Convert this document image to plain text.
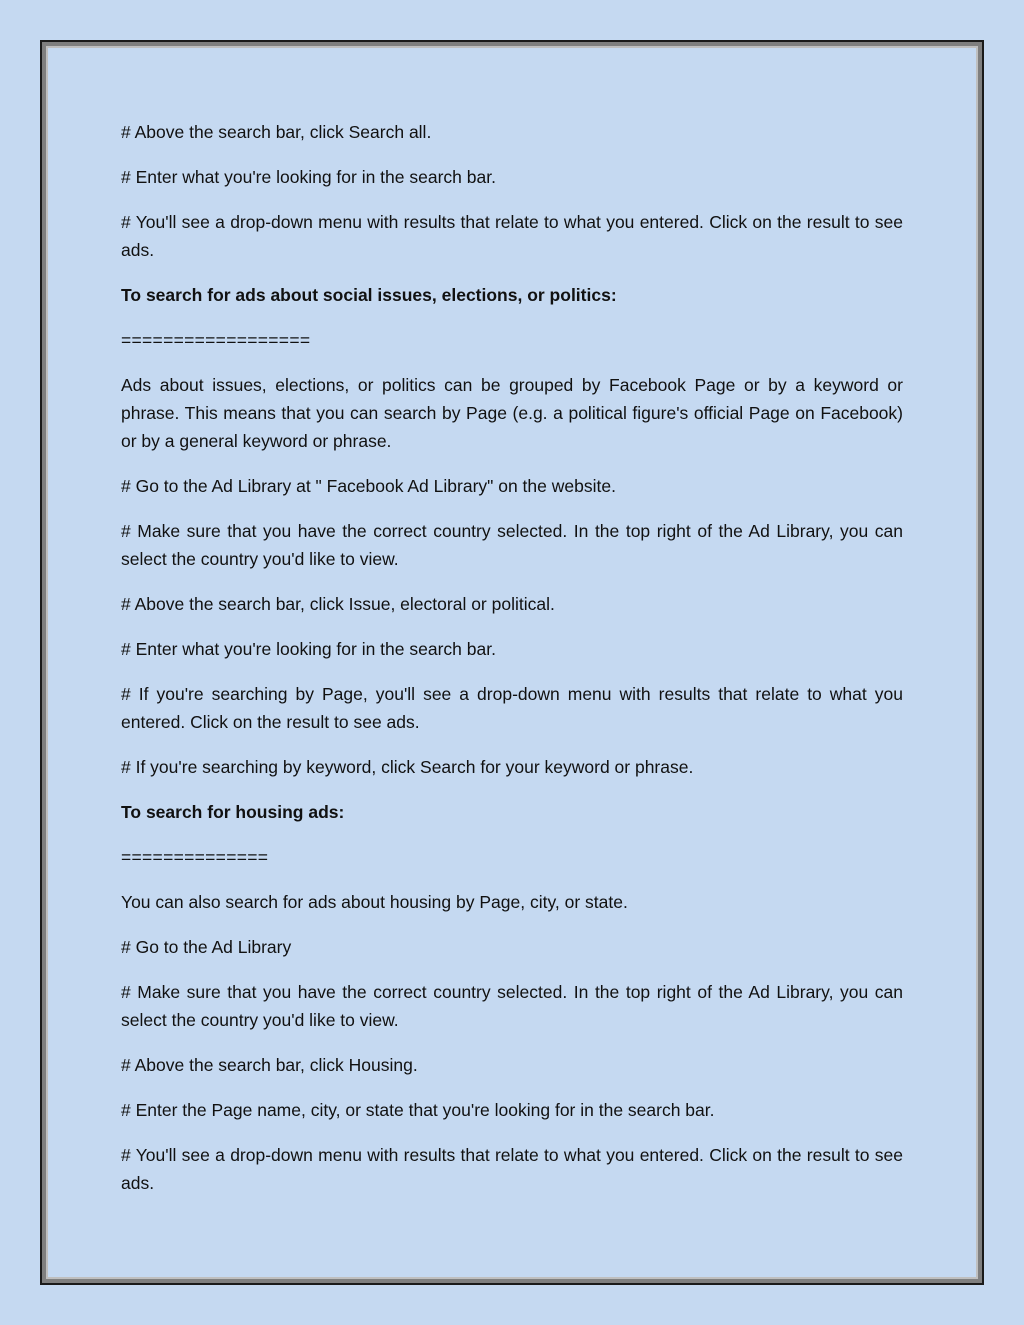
# Above the search bar, click Search all.

# Enter what you're looking for in the search bar.

# You'll see a drop-down menu with results that relate to what you entered. Click on the result to see ads.

To search for ads about social issues, elections, or politics:

==================

Ads about issues, elections, or politics can be grouped by Facebook Page or by a keyword or phrase. This means that you can search by Page (e.g. a political figure's official Page on Facebook) or by a general keyword or phrase.

# Go to the Ad Library at " Facebook Ad Library" on the website.

# Make sure that you have the correct country selected. In the top right of the Ad Library, you can select the country you'd like to view.

# Above the search bar, click Issue, electoral or political.

# Enter what you're looking for in the search bar.

# If you're searching by Page, you'll see a drop-down menu with results that relate to what you entered. Click on the result to see ads.

# If you're searching by keyword, click Search for your keyword or phrase.

To search for housing ads:

==============

You can also search for ads about housing by Page, city, or state.

# Go to the Ad Library

# Make sure that you have the correct country selected. In the top right of the Ad Library, you can select the country you'd like to view.

# Above the search bar, click Housing.

# Enter the Page name, city, or state that you're looking for in the search bar.

# You'll see a drop-down menu with results that relate to what you entered. Click on the result to see ads.
